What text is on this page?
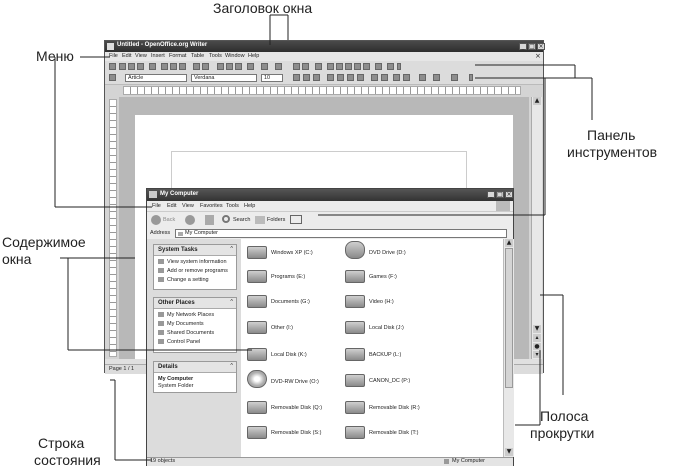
Untitled - OpenOffice.org Writer	_ □ ×
File Edit View Insert Format Table Tools Window Help	×
Article	Verdana	10
▲
▼
▴
●
▾
Page 1 / 1
My Computer	_ □ ×
File Edit View Favorites Tools Help
Back	Search	Folders
Address	My Computer
System Tasks	^
View system information
Add or remove programs
Change a setting
Other Places	^
My Network Places
My Documents
Shared Documents
Control Panel
Details	^
My Computer
System Folder
Windows XP (C:)	DVD Drive (D:)
Programs (E:)	Games (F:)
Documents (G:)	Video (H:)
Other (I:)	Local Disk (J:)
Local Disk (K:)	BACKUP (L:)
DVD-RW Drive (O:)	CANON_DC (P:)
Removable Disk (Q:)	Removable Disk (R:)
Removable Disk (S:)	Removable Disk (T:)
▲
▼
19 objects	My Computer
Заголовок окна
Меню
Панель
инструментов
Содержимое
окна
Полоса
прокрутки
Строка
состояния
